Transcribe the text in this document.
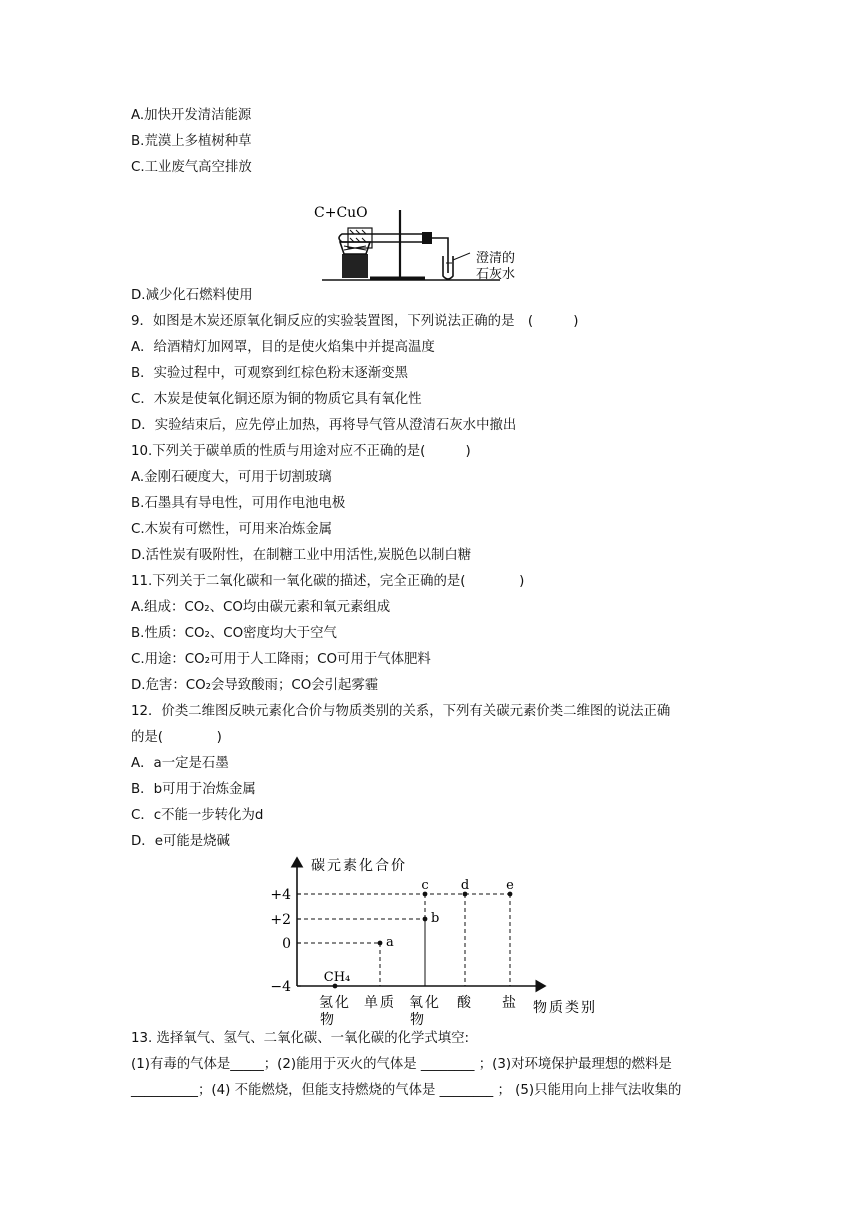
A.加快开发清洁能源
B.荒漠上多植树种草
C.工业废气高空排放
C+CuO
澄清的
石灰水
D.减少化石燃料使用
9．如图是木炭还原氧化铜反应的实验装置图，下列说法正确的是　(　　　)
A．给酒精灯加网罩，目的是使火焰集中并提高温度
B．实验过程中，可观察到红棕色粉末逐渐变黑
C．木炭是使氧化铜还原为铜的物质它具有氧化性
D．实验结束后，应先停止加热，再将导气管从澄清石灰水中撤出
10.下列关于碳单质的性质与用途对应不正确的是(　　　)
A.金刚石硬度大，可用于切割玻璃
B.石墨具有导电性，可用作电池电极
C.木炭有可燃性，可用来冶炼金属
D.活性炭有吸附性，在制糖工业中用活性,炭脱色以制白糖
11.下列关于二氧化碳和一氧化碳的描述，完全正确的是(　　　　)
A.组成：CO₂、CO均由碳元素和氧元素组成
B.性质：CO₂、CO密度均大于空气
C.用途：CO₂可用于人工降雨；CO可用于气体肥料
D.危害：CO₂会导致酸雨；CO会引起雾霾
12．价类二维图反映元素化合价与物质类别的关系，下列有关碳元素价类二维图的说法正确
的是(　　　　)
A．a一定是石墨
B．b可用于冶炼金属
C．c不能一步转化为d
D．e可能是烧碱
碳元素化合价
物质类别
+4
+2
0
−4
氢化
物
单质 氧化
物
酸 盐
CH₄
a
b
c d	e
13. 选择氧气、氢气、二氧化碳、一氧化碳的化学式填空:
(1)有毒的气体是_____；(2)能用于灭火的气体是 ________ ；(3)对环境保护最理想的燃料是
__________；(4) 不能燃烧，但能支持燃烧的气体是 ________ ； (5)只能用向上排气法收集的
